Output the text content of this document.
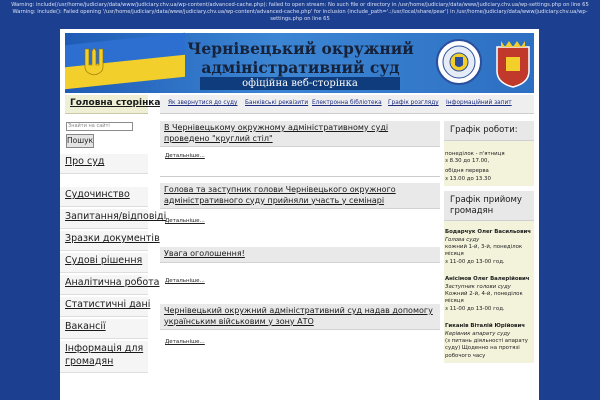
Warning: include(/usr/home/judiciary/data/www/judiciary.chv.ua/wp-content/advanced-cache.php): failed to open stream: No such file or directory in /usr/home/judiciary/data/www/judiciary.chv.ua/wp-settings.php on line 65 Warning: include(): Failed opening '/usr/home/judiciary/data/www/judiciary.chv.ua/wp-content/advanced-cache.php' for inclusion (include_path='.:/usr/local/share/pear') in /usr/home/judiciary/data/www/judiciary.chv.ua/wp-settings.php on line 65
Чернівецький окружний
адміністративний суд
офіційна веб-сторінка
Головна сторінка Як звернутися до суду Банківські реквізити Електронна бібліотека Графік розгляду Інформаційний запит
Знайти на сайті
Пошук
Про суд
Судочинство
Запитання/відповіді
Зразки документів
Судові рішення
Аналітична робота
Статистичні дані
Вакансії
Інформація для громадян
В Чернівецькому окружному адміністративному суді проведено "круглий стіл"
Детальніше...
Голова та заступник голови Чернівецького окружного адміністративного суду прийняли участь у семінарі
Детальніше...
Увага оголошення!
Детальніше...
Чернівецький окружний адміністративний суд надав допомогу українським військовим у зону АТО
Детальніше...
Графік роботи:
понеділок - п'ятниця
з 8.30 до 17.00,
обідня перерва
з 13.00 до 13.30
Графік прийому громадян
Бодарчук Олег Васильович
Голова суду
кожний 1-й, 3-й, понеділок місяця
з 11-00 до 13-00 год.
Анісімов Олег Валерійович
Заступник голови суду
Кожний 2-й, 4-й, понеділок місяця
з 11-00 до 13-00 год.
Гиканів Віталій Юрійович
Керівник апарату суду
(з питань діяльності апарату суду) Щоденно на протязі робочого часу
